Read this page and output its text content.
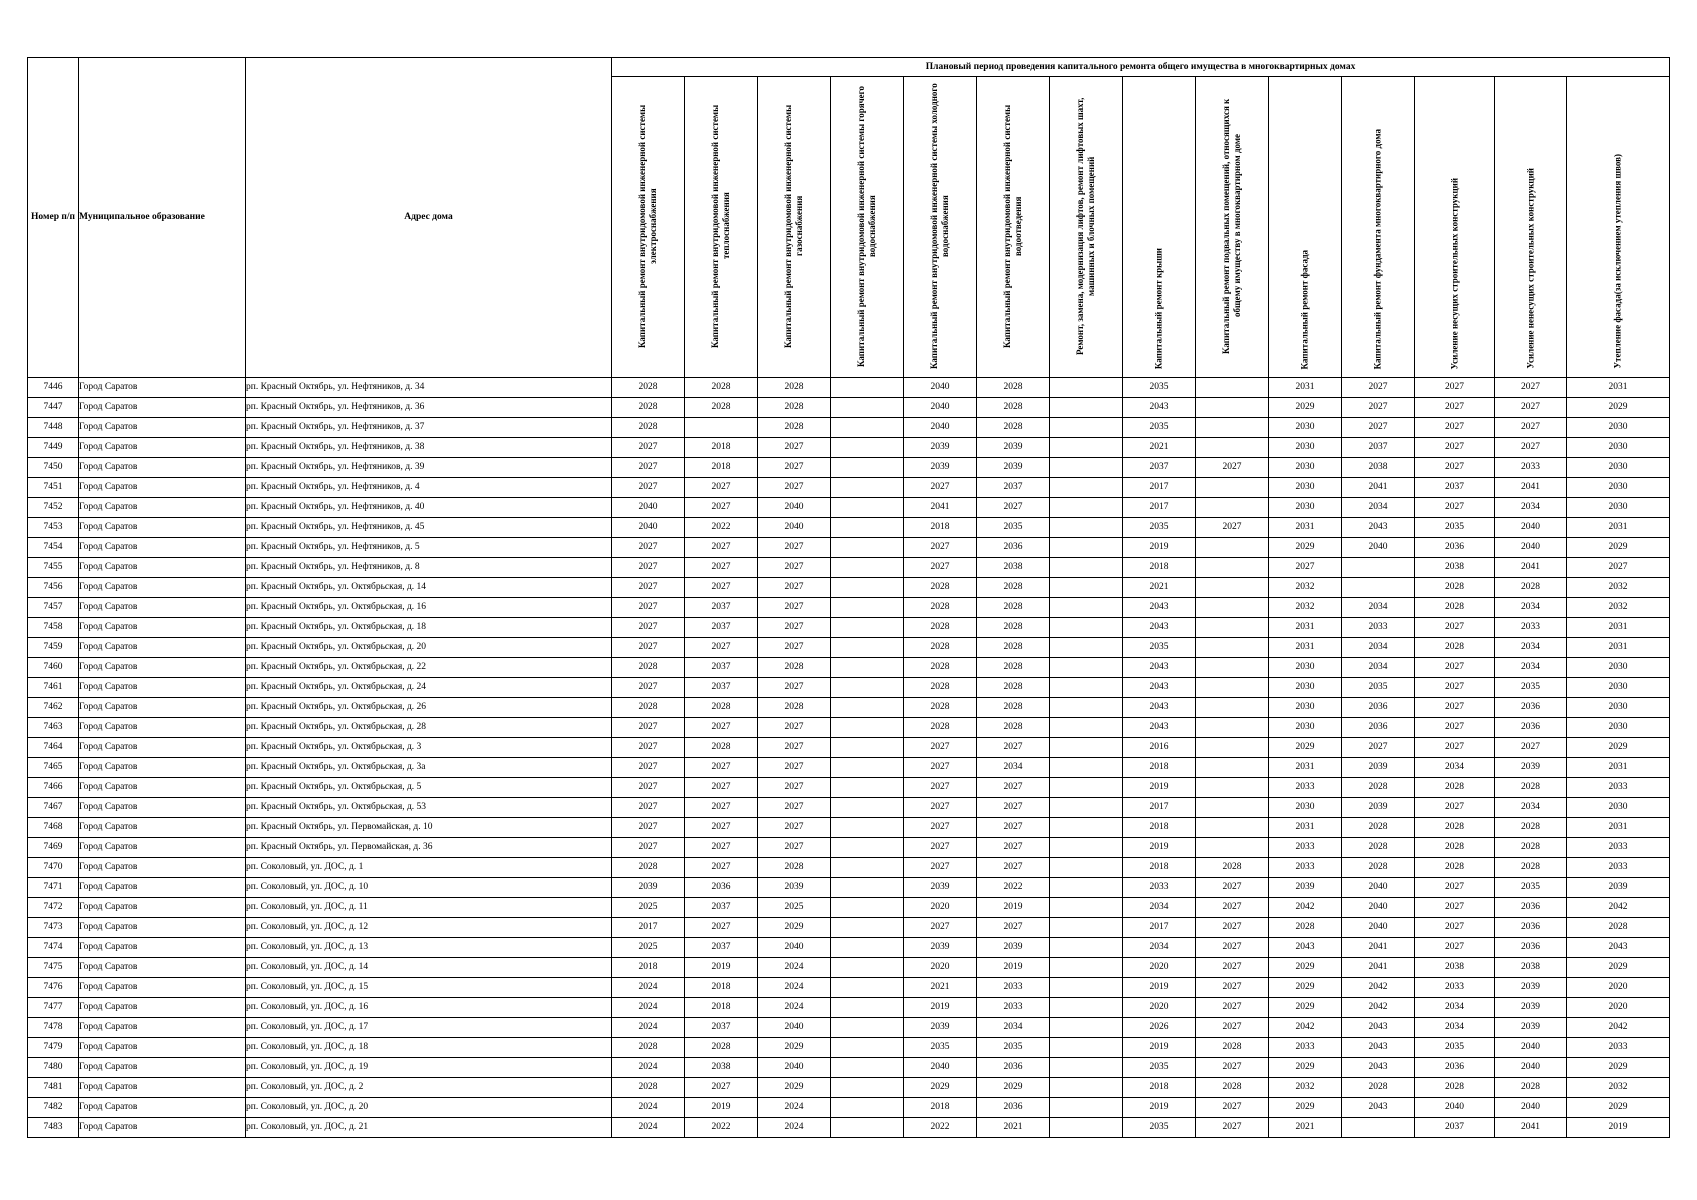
Номер п/п	Муниципальное образование	Адрес дома	Плановый период проведения капитального ремонта общего имущества в многоквартирных домах													

			Капитальный ремонт внутридомовой инженерной системы электроснабжения	Капитальный ремонт внутридомовой инженерной системы теплоснабжения	Капитальный ремонт внутридомовой инженерной системы газоснабжения	Капитальный ремонт внутридомовой инженерной системы горячего водоснабжения	Капитальный ремонт внутридомовой инженерной системы холодного водоснабжения	Капитальный ремонт внутридомовой инженерной системы водоотведения	Ремонт, замена, модернизация лифтов, ремонт лифтовых шахт, машинных и блочных помещений	Капитальный ремонт крыши	Капитальный ремонт подвальных помещений, относящихся к общему имуществу в многоквартирном доме	Капитальный ремонт фасада	Капитальный ремонт фундамента многоквартирного дома	Усиление несущих строительных конструкций	Усиление ненесущих строительных конструкций	Утепление фасада(за исключением утепления швов)

7446	Город Саратов	рп. Красный Октябрь, ул. Нефтяников, д. 34	2028	2028	2028		2040	2028		2035		2031	2027	2027	2027	2031
7447	Город Саратов	рп. Красный Октябрь, ул. Нефтяников, д. 36	2028	2028	2028		2040	2028		2043		2029	2027	2027	2027	2029
7448	Город Саратов	рп. Красный Октябрь, ул. Нефтяников, д. 37	2028		2028		2040	2028		2035		2030	2027	2027	2027	2030
7449	Город Саратов	рп. Красный Октябрь, ул. Нефтяников, д. 38	2027	2018	2027		2039	2039		2021		2030	2037	2027	2027	2030
7450	Город Саратов	рп. Красный Октябрь, ул. Нефтяников, д. 39	2027	2018	2027		2039	2039		2037	2027	2030	2038	2027	2033	2030
7451	Город Саратов	рп. Красный Октябрь, ул. Нефтяников, д. 4	2027	2027	2027		2027	2037		2017		2030	2041	2037	2041	2030
7452	Город Саратов	рп. Красный Октябрь, ул. Нефтяников, д. 40	2040	2027	2040		2041	2027		2017		2030	2034	2027	2034	2030
7453	Город Саратов	рп. Красный Октябрь, ул. Нефтяников, д. 45	2040	2022	2040		2018	2035		2035	2027	2031	2043	2035	2040	2031
7454	Город Саратов	рп. Красный Октябрь, ул. Нефтяников, д. 5	2027	2027	2027		2027	2036		2019		2029	2040	2036	2040	2029
7455	Город Саратов	рп. Красный Октябрь, ул. Нефтяников, д. 8	2027	2027	2027		2027	2038		2018		2027		2038	2041	2027
7456	Город Саратов	рп. Красный Октябрь, ул. Октябрьская, д. 14	2027	2027	2027		2028	2028		2021		2032		2028	2028	2032
7457	Город Саратов	рп. Красный Октябрь, ул. Октябрьская, д. 16	2027	2037	2027		2028	2028		2043		2032	2034	2028	2034	2032
7458	Город Саратов	рп. Красный Октябрь, ул. Октябрьская, д. 18	2027	2037	2027		2028	2028		2043		2031	2033	2027	2033	2031
7459	Город Саратов	рп. Красный Октябрь, ул. Октябрьская, д. 20	2027	2027	2027		2028	2028		2035		2031	2034	2028	2034	2031
7460	Город Саратов	рп. Красный Октябрь, ул. Октябрьская, д. 22	2028	2037	2028		2028	2028		2043		2030	2034	2027	2034	2030
7461	Город Саратов	рп. Красный Октябрь, ул. Октябрьская, д. 24	2027	2037	2027		2028	2028		2043		2030	2035	2027	2035	2030
7462	Город Саратов	рп. Красный Октябрь, ул. Октябрьская, д. 26	2028	2028	2028		2028	2028		2043		2030	2036	2027	2036	2030
7463	Город Саратов	рп. Красный Октябрь, ул. Октябрьская, д. 28	2027	2027	2027		2028	2028		2043		2030	2036	2027	2036	2030
7464	Город Саратов	рп. Красный Октябрь, ул. Октябрьская, д. 3	2027	2028	2027		2027	2027		2016		2029	2027	2027	2027	2029
7465	Город Саратов	рп. Красный Октябрь, ул. Октябрьская, д. 3а	2027	2027	2027		2027	2034		2018		2031	2039	2034	2039	2031
7466	Город Саратов	рп. Красный Октябрь, ул. Октябрьская, д. 5	2027	2027	2027		2027	2027		2019		2033	2028	2028	2028	2033
7467	Город Саратов	рп. Красный Октябрь, ул. Октябрьская, д. 53	2027	2027	2027		2027	2027		2017		2030	2039	2027	2034	2030
7468	Город Саратов	рп. Красный Октябрь, ул. Первомайская, д. 10	2027	2027	2027		2027	2027		2018		2031	2028	2028	2028	2031
7469	Город Саратов	рп. Красный Октябрь, ул. Первомайская, д. 36	2027	2027	2027		2027	2027		2019		2033	2028	2028	2028	2033
7470	Город Саратов	рп. Соколовый, ул. ДОС, д. 1	2028	2027	2028		2027	2027		2018	2028	2033	2028	2028	2028	2033
7471	Город Саратов	рп. Соколовый, ул. ДОС, д. 10	2039	2036	2039		2039	2022		2033	2027	2039	2040	2027	2035	2039
7472	Город Саратов	рп. Соколовый, ул. ДОС, д. 11	2025	2037	2025		2020	2019		2034	2027	2042	2040	2027	2036	2042
7473	Город Саратов	рп. Соколовый, ул. ДОС, д. 12	2017	2027	2029		2027	2027		2017	2027	2028	2040	2027	2036	2028
7474	Город Саратов	рп. Соколовый, ул. ДОС, д. 13	2025	2037	2040		2039	2039		2034	2027	2043	2041	2027	2036	2043
7475	Город Саратов	рп. Соколовый, ул. ДОС, д. 14	2018	2019	2024		2020	2019		2020	2027	2029	2041	2038	2038	2029
7476	Город Саратов	рп. Соколовый, ул. ДОС, д. 15	2024	2018	2024		2021	2033		2019	2027	2029	2042	2033	2039	2020
7477	Город Саратов	рп. Соколовый, ул. ДОС, д. 16	2024	2018	2024		2019	2033		2020	2027	2029	2042	2034	2039	2020
7478	Город Саратов	рп. Соколовый, ул. ДОС, д. 17	2024	2037	2040		2039	2034		2026	2027	2042	2043	2034	2039	2042
7479	Город Саратов	рп. Соколовый, ул. ДОС, д. 18	2028	2028	2029		2035	2035		2019	2028	2033	2043	2035	2040	2033
7480	Город Саратов	рп. Соколовый, ул. ДОС, д. 19	2024	2038	2040		2040	2036		2035	2027	2029	2043	2036	2040	2029
7481	Город Саратов	рп. Соколовый, ул. ДОС, д. 2	2028	2027	2029		2029	2029		2018	2028	2032	2028	2028	2028	2032
7482	Город Саратов	рп. Соколовый, ул. ДОС, д. 20	2024	2019	2024		2018	2036		2019	2027	2029	2043	2040	2040	2029
7483	Город Саратов	рп. Соколовый, ул. ДОС, д. 21	2024	2022	2024		2022	2021		2035	2027	2021		2037	2041	2019
